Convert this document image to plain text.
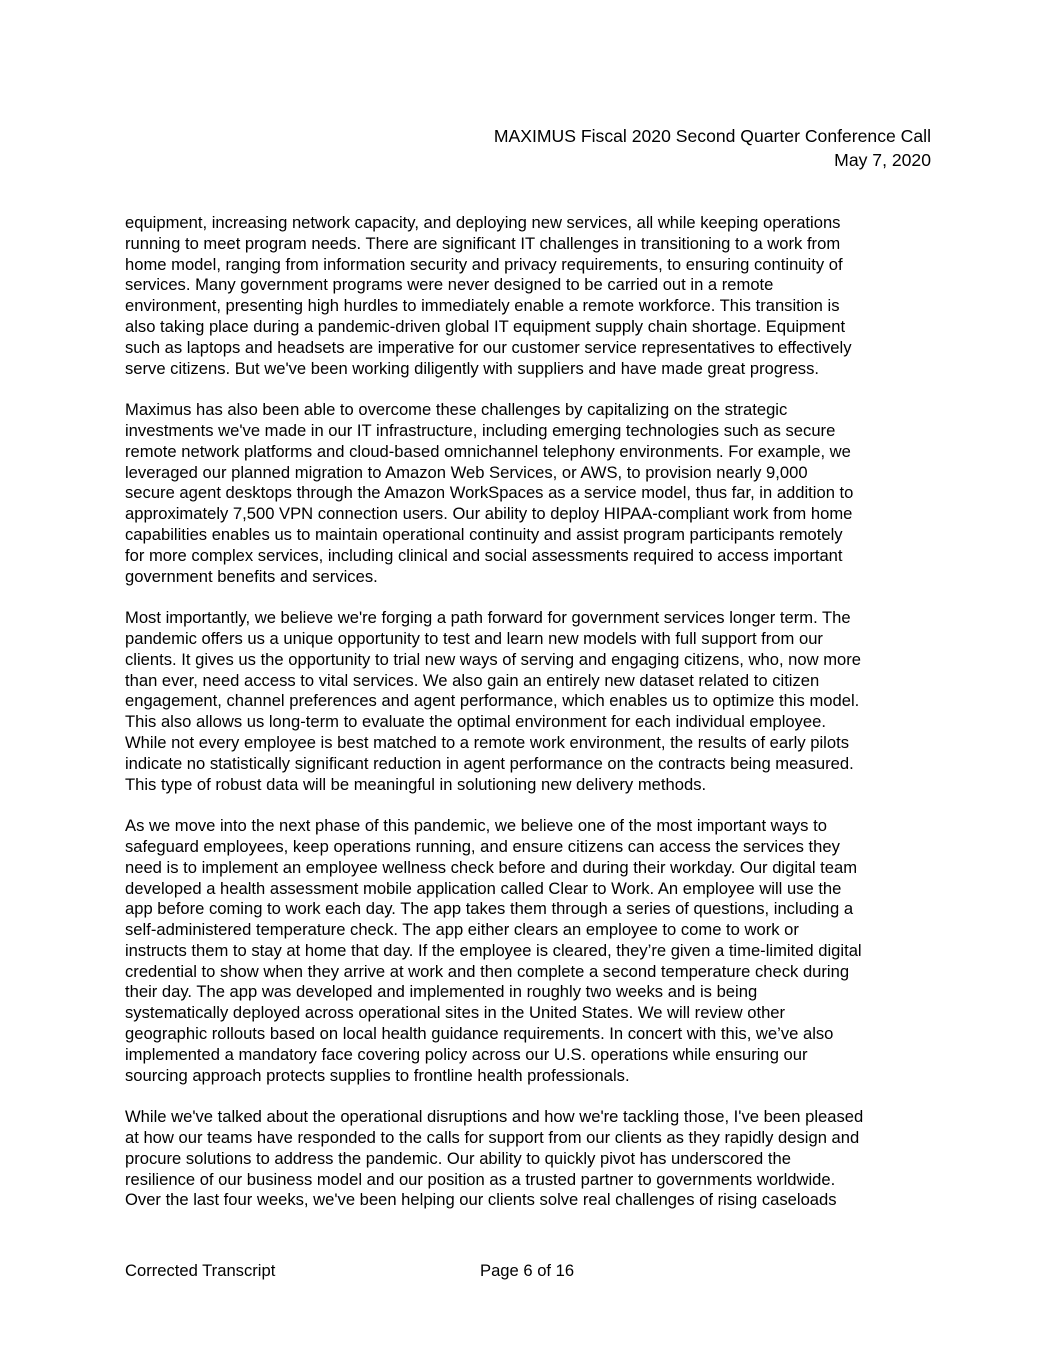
MAXIMUS Fiscal 2020 Second Quarter Conference Call
May 7, 2020

equipment, increasing network capacity, and deploying new services, all while keeping operations
running to meet program needs. There are significant IT challenges in transitioning to a work from
home model, ranging from information security and privacy requirements, to ensuring continuity of
services. Many government programs were never designed to be carried out in a remote
environment, presenting high hurdles to immediately enable a remote workforce. This transition is
also taking place during a pandemic-driven global IT equipment supply chain shortage. Equipment
such as laptops and headsets are imperative for our customer service representatives to effectively
serve citizens. But we've been working diligently with suppliers and have made great progress.

Maximus has also been able to overcome these challenges by capitalizing on the strategic
investments we've made in our IT infrastructure, including emerging technologies such as secure
remote network platforms and cloud-based omnichannel telephony environments. For example, we
leveraged our planned migration to Amazon Web Services, or AWS, to provision nearly 9,000
secure agent desktops through the Amazon WorkSpaces as a service model, thus far, in addition to
approximately 7,500 VPN connection users. Our ability to deploy HIPAA-compliant work from home
capabilities enables us to maintain operational continuity and assist program participants remotely
for more complex services, including clinical and social assessments required to access important
government benefits and services.

Most importantly, we believe we're forging a path forward for government services longer term. The
pandemic offers us a unique opportunity to test and learn new models with full support from our
clients. It gives us the opportunity to trial new ways of serving and engaging citizens, who, now more
than ever, need access to vital services. We also gain an entirely new dataset related to citizen
engagement, channel preferences and agent performance, which enables us to optimize this model.
This also allows us long-term to evaluate the optimal environment for each individual employee.
While not every employee is best matched to a remote work environment, the results of early pilots
indicate no statistically significant reduction in agent performance on the contracts being measured.
This type of robust data will be meaningful in solutioning new delivery methods.

As we move into the next phase of this pandemic, we believe one of the most important ways to
safeguard employees, keep operations running, and ensure citizens can access the services they
need is to implement an employee wellness check before and during their workday. Our digital team
developed a health assessment mobile application called Clear to Work. An employee will use the
app before coming to work each day. The app takes them through a series of questions, including a
self-administered temperature check. The app either clears an employee to come to work or
instructs them to stay at home that day. If the employee is cleared, they’re given a time-limited digital
credential to show when they arrive at work and then complete a second temperature check during
their day. The app was developed and implemented in roughly two weeks and is being
systematically deployed across operational sites in the United States. We will review other
geographic rollouts based on local health guidance requirements. In concert with this, we’ve also
implemented a mandatory face covering policy across our U.S. operations while ensuring our
sourcing approach protects supplies to frontline health professionals.

While we've talked about the operational disruptions and how we're tackling those, I've been pleased
at how our teams have responded to the calls for support from our clients as they rapidly design and
procure solutions to address the pandemic. Our ability to quickly pivot has underscored the
resilience of our business model and our position as a trusted partner to governments worldwide.
Over the last four weeks, we've been helping our clients solve real challenges of rising caseloads

Corrected Transcript	Page 6 of 16
